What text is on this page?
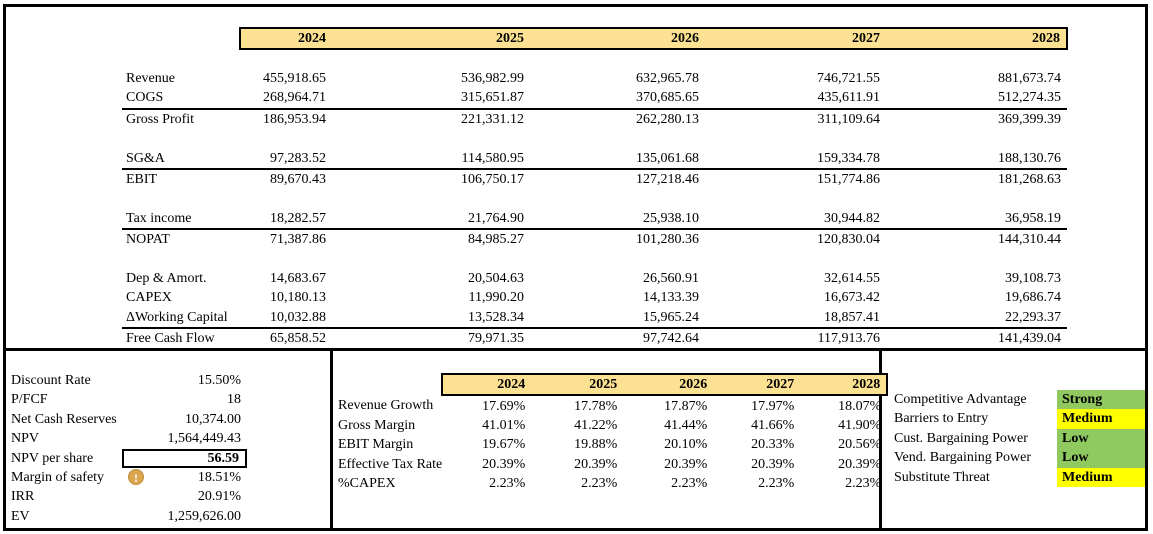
	2024	2025	2026	2027	2028

Revenue	455,918.65	536,982.99	632,965.78	746,721.55	881,673.74
COGS	268,964.71	315,651.87	370,685.65	435,611.91	512,274.35
Gross Profit	186,953.94	221,331.12	262,280.13	311,109.64	369,399.39

SG&A	97,283.52	114,580.95	135,061.68	159,334.78	188,130.76
EBIT	89,670.43	106,750.17	127,218.46	151,774.86	181,268.63

Tax income	18,282.57	21,764.90	25,938.10	30,944.82	36,958.19
NOPAT	71,387.86	84,985.27	101,280.36	120,830.04	144,310.44

Dep & Amort.	14,683.67	20,504.63	26,560.91	32,614.55	39,108.73
CAPEX	10,180.13	11,990.20	14,133.39	16,673.42	19,686.74
ΔWorking Capital	10,032.88	13,528.34	15,965.24	18,857.41	22,293.37
Free Cash Flow	65,858.52	79,971.35	97,742.64	117,913.76	141,439.04
Discount Rate	15.50%
P/FCF	18
Net Cash Reserves	10,374.00
NPV	1,564,449.43
NPV per share	56.59
Margin of safety	18.51%
!
IRR	20.91%
EV	1,259,626.00
	2024	2025	2026	2027	2028
Revenue Growth	17.69%	17.78%	17.87%	17.97%	18.07%
Gross Margin	41.01%	41.22%	41.44%	41.66%	41.90%
EBIT Margin	19.67%	19.88%	20.10%	20.33%	20.56%
Effective Tax Rate	20.39%	20.39%	20.39%	20.39%	20.39%
%CAPEX	2.23%	2.23%	2.23%	2.23%	2.23%
Competitive Advantage	Strong
Barriers to Entry	Medium
Cust. Bargaining Power	Low
Vend. Bargaining Power	Low
Substitute Threat	Medium
